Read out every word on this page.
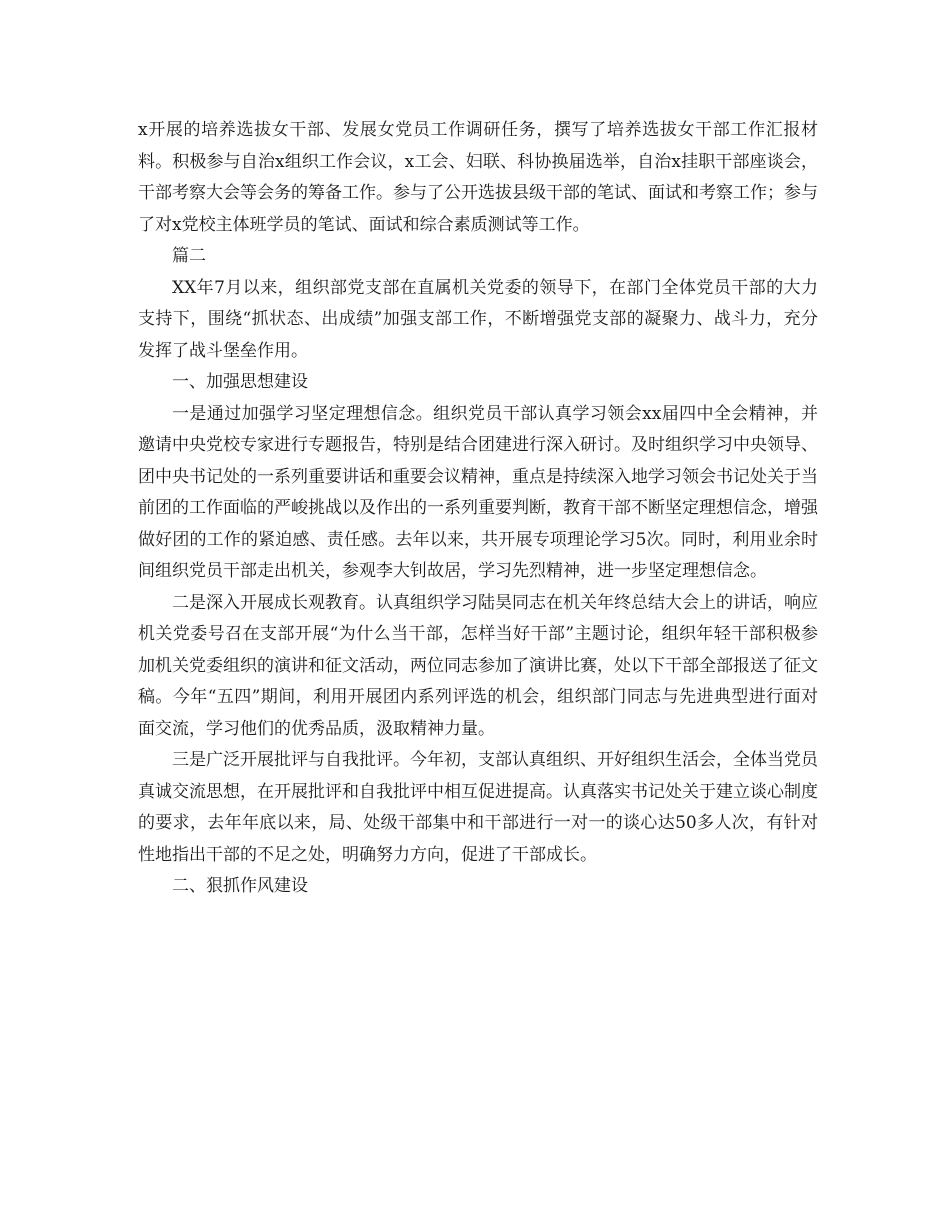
x开展的培养选拔女干部、发展女党员工作调研任务，撰写了培养选拔女干部工作汇报材料。积极参与自治x组织工作会议，x工会、妇联、科协换届选举，自治x挂职干部座谈会，干部考察大会等会务的筹备工作。参与了公开选拔县级干部的笔试、面试和考察工作；参与了对x党校主体班学员的笔试、面试和综合素质测试等工作。

篇二

XX年7月以来，组织部党支部在直属机关党委的领导下，在部门全体党员干部的大力支持下，围绕“抓状态、出成绩”加强支部工作，不断增强党支部的凝聚力、战斗力，充分发挥了战斗堡垒作用。

一、加强思想建设

一是通过加强学习坚定理想信念。组织党员干部认真学习领会xx届四中全会精神，并邀请中央党校专家进行专题报告，特别是结合团建进行深入研讨。及时组织学习中央领导、团中央书记处的一系列重要讲话和重要会议精神，重点是持续深入地学习领会书记处关于当前团的工作面临的严峻挑战以及作出的一系列重要判断，教育干部不断坚定理想信念，增强做好团的工作的紧迫感、责任感。去年以来，共开展专项理论学习5次。同时，利用业余时间组织党员干部走出机关，参观李大钊故居，学习先烈精神，进一步坚定理想信念。

二是深入开展成长观教育。认真组织学习陆昊同志在机关年终总结大会上的讲话，响应机关党委号召在支部开展“为什么当干部，怎样当好干部”主题讨论，组织年轻干部积极参加机关党委组织的演讲和征文活动，两位同志参加了演讲比赛，处以下干部全部报送了征文稿。今年“五四”期间，利用开展团内系列评选的机会，组织部门同志与先进典型进行面对面交流，学习他们的优秀品质，汲取精神力量。

三是广泛开展批评与自我批评。今年初，支部认真组织、开好组织生活会，全体当党员真诚交流思想，在开展批评和自我批评中相互促进提高。认真落实书记处关于建立谈心制度的要求，去年年底以来，局、处级干部集中和干部进行一对一的谈心达50多人次，有针对性地指出干部的不足之处，明确努力方向，促进了干部成长。

二、狠抓作风建设
